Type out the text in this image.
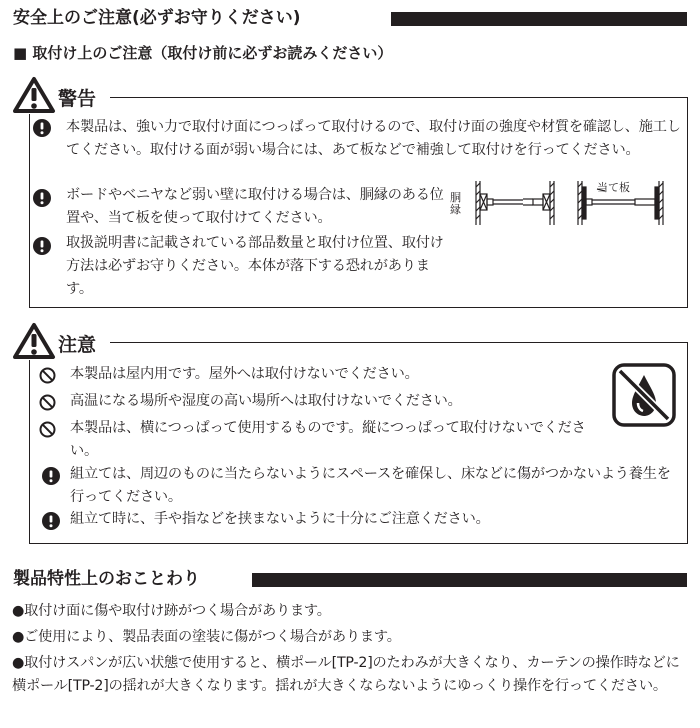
安全上のご注意(必ずお守りください)
■ 取付け上のご注意（取付け前に必ずお読みください）
警告
本製品は、強い力で取付け面につっぱって取付けるので、取付け面の強度や材質を確認し、施工してください。取付ける面が弱い場合には、あて板などで補強して取付けを行ってください。
ボードやベニヤなど弱い壁に取付ける場合は、胴縁のある位置や、当て板を使って取付けてください。
取扱説明書に記載されている部品数量と取付け位置、取付け方法は必ずお守りください。本体が落下する恐れがあります。
胴縁
当て板
注意
本製品は屋内用です。屋外へは取付けないでください。
高温になる場所や湿度の高い場所へは取付けないでください。
本製品は、横につっぱって使用するものです。縦につっぱって取付けないでください。
組立ては、周辺のものに当たらないようにスペースを確保し、床などに傷がつかないよう養生を行ってください。
組立て時に、手や指などを挟まないように十分にご注意ください。
製品特性上のおことわり
●取付け面に傷や取付け跡がつく場合があります。
●ご使用により、製品表面の塗装に傷がつく場合があります。
●取付けスパンが広い状態で使用すると、横ポール[TP-2]のたわみが大きくなり、カーテンの操作時などに横ポール[TP-2]の揺れが大きくなります。揺れが大きくならないようにゆっくり操作を行ってください。
